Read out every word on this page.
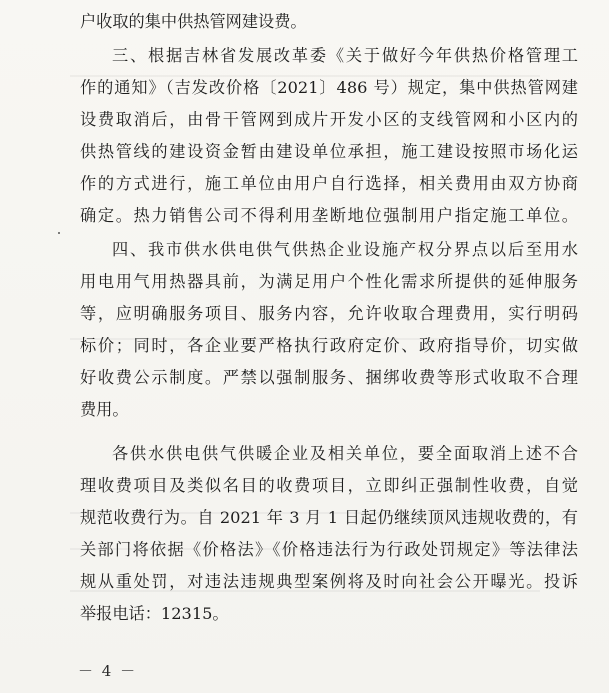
户收取的集中供热管网建设费。
三、根据吉林省发展改革委《关于做好今年供热价格管理工
作的通知》（吉发改价格〔2021〕486 号）规定，集中供热管网建
设费取消后，由骨干管网到成片开发小区的支线管网和小区内的
供热管线的建设资金暂由建设单位承担，施工建设按照市场化运
作的方式进行，施工单位由用户自行选择，相关费用由双方协商
确定。热力销售公司不得利用垄断地位强制用户指定施工单位。
四、我市供水供电供气供热企业设施产权分界点以后至用水
用电用气用热器具前，为满足用户个性化需求所提供的延伸服务
等，应明确服务项目、服务内容，允许收取合理费用，实行明码
标价；同时，各企业要严格执行政府定价、政府指导价，切实做
好收费公示制度。严禁以强制服务、捆绑收费等形式收取不合理
费用。
各供水供电供气供暖企业及相关单位，要全面取消上述不合
理收费项目及类似名目的收费项目，立即纠正强制性收费，自觉
规范收费行为。自 2021 年 3 月 1 日起仍继续顶风违规收费的，有
关部门将依据《价格法》《价格违法行为行政处罚规定》等法律法
规从重处罚，对违法违规典型案例将及时向社会公开曝光。投诉
举报电话：12315。
－ 4 －
